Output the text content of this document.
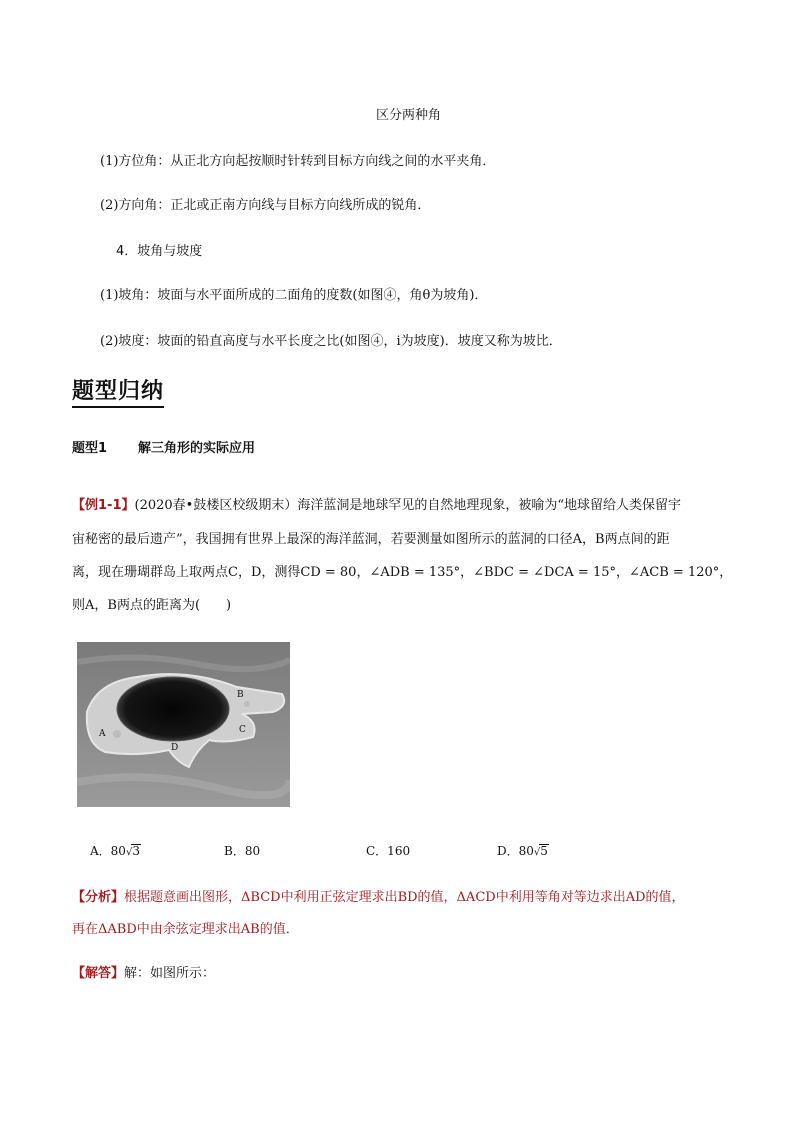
区分两种角
(1)方位角：从正北方向起按顺时针转到目标方向线之间的水平夹角．
(2)方向角：正北或正南方向线与目标方向线所成的锐角．
4．坡角与坡度
(1)坡角：坡面与水平面所成的二面角的度数(如图④，角θ为坡角)．
(2)坡度：坡面的铅直高度与水平长度之比(如图④，i为坡度)．坡度又称为坡比．
题型归纳
题型1 解三角形的实际应用
【例1-1】(2020春•鼓楼区校级期末）海洋蓝洞是地球罕见的自然地理现象，被喻为“地球留给人类保留宇
宙秘密的最后遗产”，我国拥有世界上最深的海洋蓝洞，若要测量如图所示的蓝洞的口径A，B两点间的距
离，现在珊瑚群岛上取两点C，D，测得CD = 80，∠ADB = 135°，∠BDC = ∠DCA = 15°，∠ACB = 120°，
则A，B两点的距离为(　　)
A
B
C
D
A．80√3	B．80	C．160	D．80√5
【分析】根据题意画出图形，ΔBCD中利用正弦定理求出BD的值，ΔACD中利用等角对等边求出AD的值，
再在ΔABD中由余弦定理求出AB的值．
【解答】解：如图所示：
